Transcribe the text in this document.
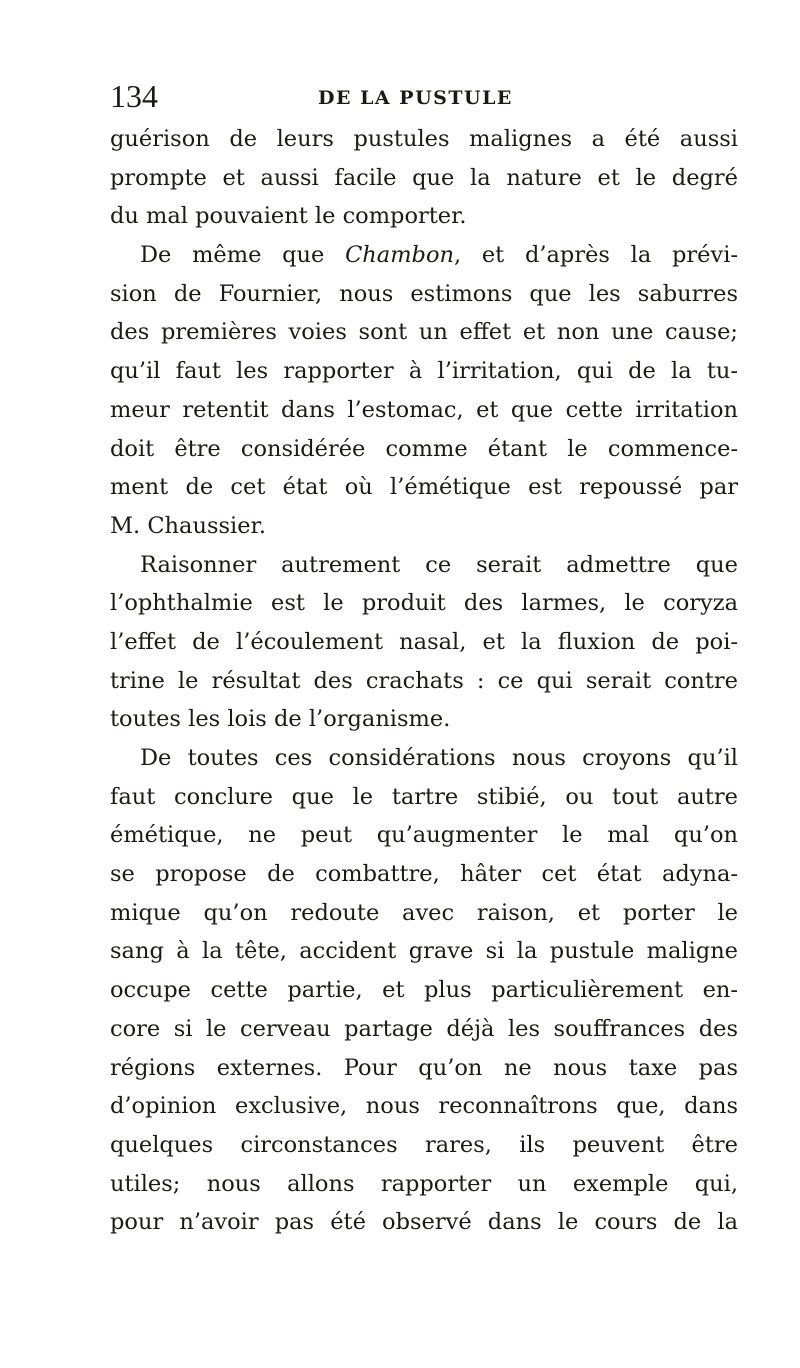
134	DE LA PUSTULE
guérison de leurs pustules malignes a été aussi
prompte et aussi facile que la nature et le degré
du mal pouvaient le comporter.
De même que Chambon, et d’après la prévi-
sion de Fournier, nous estimons que les saburres
des premières voies sont un effet et non une cause;
qu’il faut les rapporter à l’irritation, qui de la tu-
meur retentit dans l’estomac, et que cette irritation
doit être considérée comme étant le commence-
ment de cet état où l’émétique est repoussé par
M. Chaussier.
Raisonner autrement ce serait admettre que
l’ophthalmie est le produit des larmes, le coryza
l’effet de l’écoulement nasal, et la fluxion de poi-
trine le résultat des crachats : ce qui serait contre
toutes les lois de l’organisme.
De toutes ces considérations nous croyons qu’il
faut conclure que le tartre stibié, ou tout autre
émétique, ne peut qu’augmenter le mal qu’on
se propose de combattre, hâter cet état adyna-
mique qu’on redoute avec raison, et porter le
sang à la tête, accident grave si la pustule maligne
occupe cette partie, et plus particulièrement en-
core si le cerveau partage déjà les souffrances des
régions externes. Pour qu’on ne nous taxe pas
d’opinion exclusive, nous reconnaîtrons que, dans
quelques circonstances rares, ils peuvent être
utiles; nous allons rapporter un exemple qui,
pour n’avoir pas été observé dans le cours de la
